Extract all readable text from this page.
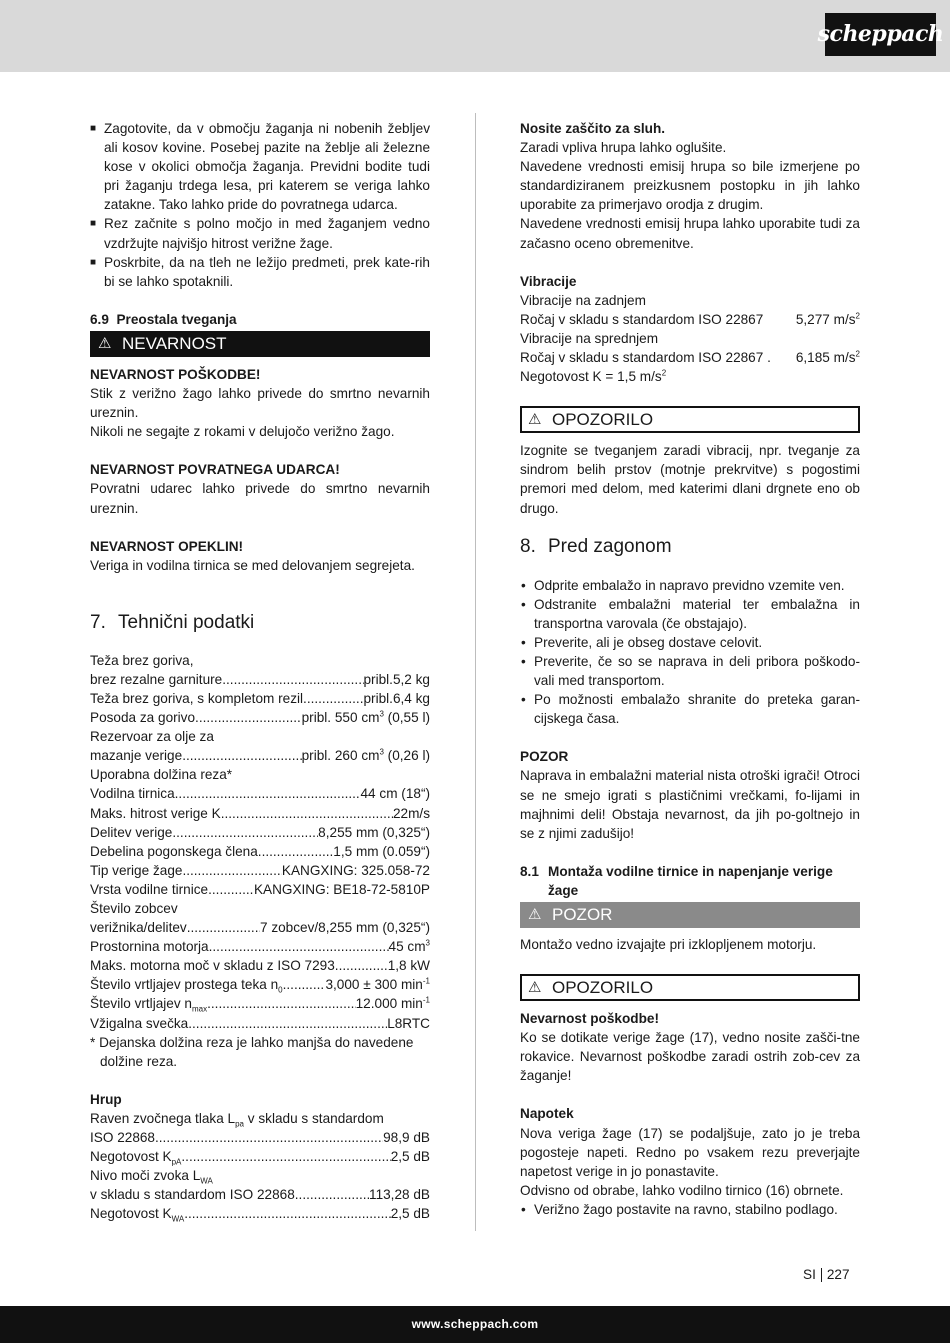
scheppach
■ Zagotovite, da v območju žaganja ni nobenih žebljev ali kosov kovine. Posebej pazite na žeblje ali železne kose v okolici območja žaganja. Previdni bodite tudi pri žaganju trdega lesa, pri katerem se veriga lahko zatakne. Tako lahko pride do povratnega udarca.
■ Rez začnite s polno močjo in med žaganjem vedno vzdržujte najvišjo hitrost verižne žage.
■ Poskrbite, da na tleh ne ležijo predmeti, prek kate-rih bi se lahko spotaknili.
6.9 Preostala tveganja
⚠ NEVARNOST
NEVARNOST POŠKODBE!
Stik z verižno žago lahko privede do smrtno nevarnih ureznin.
Nikoli ne segajte z rokami v delujočo verižno žago.
NEVARNOST POVRATNEGA UDARCA!
Povratni udarec lahko privede do smrtno nevarnih ureznin.
NEVARNOST OPEKLIN!
Veriga in vodilna tirnica se med delovanjem segrejeta.
7. Tehnični podatki
Teža brez goriva,
brez rezalne garniture .....	pribl.5,2 kg
Teža brez goriva, s kompletom rezil .....	pribl.6,4 kg
Posoda za gorivo .....	pribl. 550 $cm^3$ (0,55 l)
Rezervoar za olje za
mazanje verige .....	pribl. 260 $cm^3$ (0,26 l)
Uporabna dolžina reza*
Vodilna tirnica .....	44 cm (18“)
Maks. hitrost verige K .....	22m/s
Delitev verige .....	8,255 mm (0,325“)
Debelina pogonskega člena .....	1,5 mm (0.059“)
Tip verige žage .....	KANGXING: 325.058-72
Vrsta vodilne tirnice .....	KANGXING: BE18-72-5810P
Število zobcev
verižnika/delitev .....	7 zobcev/8,255 mm (0,325“)
Prostornina motorja .....	45 $cm^3$
Maks. motorna moč v skladu z ISO 7293 .....	1,8 kW
Število vrtljajev prostega teka $n_0$ .....	3,000 ± 300 $\min^{-1}$
Število vrtljajev $n_{max}$ .....	12.000 $\min^{-1}$
Vžigalna svečka .....	L8RTC
* Dejanska dolžina reza je lahko manjša do navedene dolžine reza.
Hrup
Raven zvočnega tlaka $L_{pa}$ v skladu s standardom
ISO 22868 .....	98,9 dB
Negotovost $K_{pA}$ .....	2,5 dB
Nivo moči zvoka $L_{WA}$
v skladu s standardom ISO 22868 .....	113,28 dB
Negotovost $K_{WA}$ .....	2,5 dB
Nosite zaščito za sluh.
Zaradi vpliva hrupa lahko oglušite.
Navedene vrednosti emisij hrupa so bile izmerjene po standardiziranem preizkusnem postopku in jih lahko uporabite za primerjavo orodja z drugim.
Navedene vrednosti emisij hrupa lahko uporabite tudi za začasno oceno obremenitve.
Vibracije
Vibracije na zadnjem
Ročaj v skladu s standardom ISO 22867 5,277 $m/s^2$
Vibracije na sprednjem
Ročaj v skladu s standardom ISO 22867 . 6,185 $m/s^2$
Negotovost K = 1,5 $m/s^2$
⚠ OPOZORILO
Izognite se tveganjem zaradi vibracij, npr. tveganje za sindrom belih prstov (motnje prekrvitve) s pogostimi premori med delom, med katerimi dlani drgnete eno ob drugo.
8. Pred zagonom
• Odprite embalažo in napravo previdno vzemite ven.
• Odstranite embalažni material ter embalažna in transportna varovala (če obstajajo).
• Preverite, ali je obseg dostave celovit.
• Preverite, če so se naprava in deli pribora poškodo-vali med transportom.
• Po možnosti embalažo shranite do preteka garan-cijskega časa.
POZOR
Naprava in embalažni material nista otroški igrači! Otroci se ne smejo igrati s plastičnimi vrečkami, fo-lijami in majhnimi deli! Obstaja nevarnost, da jih po-goltnejo in se z njimi zadušijo!
8.1 Montaža vodilne tirnice in napenjanje verige žage
⚠ POZOR
Montažo vedno izvajajte pri izklopljenem motorju.
⚠ OPOZORILO
Nevarnost poškodbe!
Ko se dotikate verige žage (17), vedno nosite zašči-tne rokavice. Nevarnost poškodbe zaradi ostrih zob-cev za žaganje!
Napotek
Nova veriga žage (17) se podaljšuje, zato jo je treba pogosteje napeti. Redno po vsakem rezu preverjajte napetost verige in jo ponastavite.
Odvisno od obrabe, lahko vodilno tirnico (16) obrnete.
• Verižno žago postavite na ravno, stabilno podlago.
SI 227
www.scheppach.com
